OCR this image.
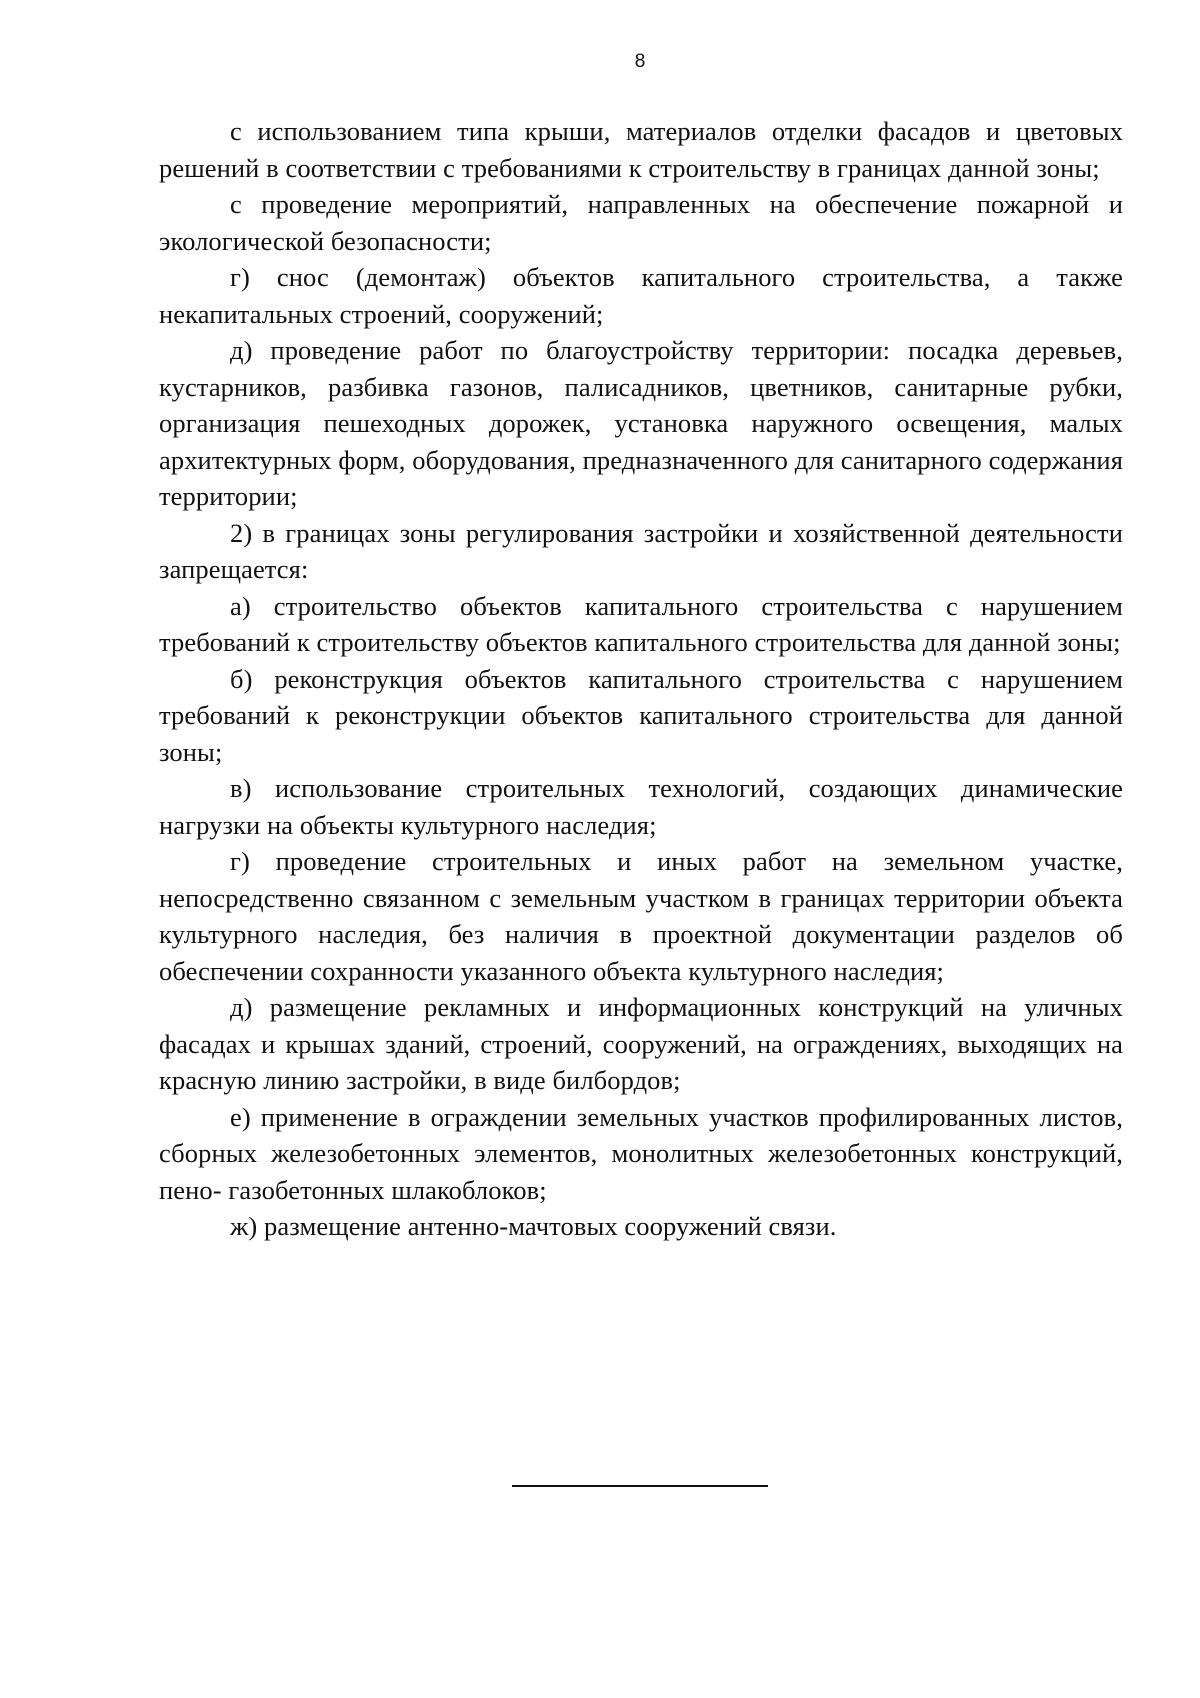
8

с использованием типа крыши, материалов отделки фасадов и цветовых решений в соответствии с требованиями к строительству в границах данной зоны;

с проведение мероприятий, направленных на обеспечение пожарной и экологической безопасности;

г) снос (демонтаж) объектов капитального строительства, а также некапитальных строений, сооружений;

д) проведение работ по благоустройству территории: посадка деревьев, кустарников, разбивка газонов, палисадников, цветников, санитарные рубки, организация пешеходных дорожек, установка наружного освещения, малых архитектурных форм, оборудования, предназначенного для санитарного содержания территории;

2) в границах зоны регулирования застройки и хозяйственной деятельности запрещается:

а) строительство объектов капитального строительства с нарушением требований к строительству объектов капитального строительства для данной зоны;

б) реконструкция объектов капитального строительства с нарушением требований к реконструкции объектов капитального строительства для данной зоны;

в) использование строительных технологий, создающих динамические нагрузки на объекты культурного наследия;

г) проведение строительных и иных работ на земельном участке, непосредственно связанном с земельным участком в границах территории объекта культурного наследия, без наличия в проектной документации разделов об обеспечении сохранности указанного объекта культурного наследия;

д) размещение рекламных и информационных конструкций на уличных фасадах и крышах зданий, строений, сооружений, на ограждениях, выходящих на красную линию застройки, в виде билбордов;

е) применение в ограждении земельных участков профилированных листов, сборных железобетонных элементов, монолитных железобетонных конструкций, пено- газобетонных шлакоблоков;

ж) размещение антенно-мачтовых сооружений связи.
